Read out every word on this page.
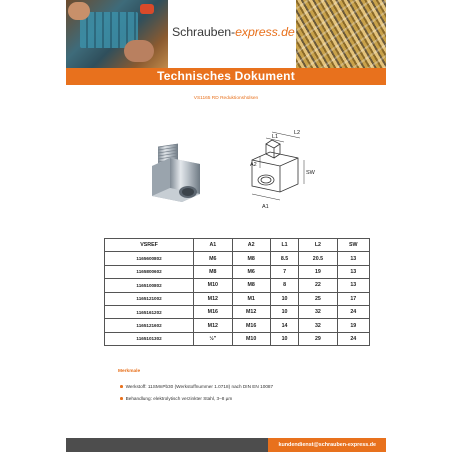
Schrauben-express.de
Technisches Dokument
VS1165 RD Reduktionshülsen
A2
L1
L2
SW
A1
VSREF	A1	A2	L1	L2	SW
1165600802	M6	M8	8.5	20.5	13
1165800602	M8	M6	7	19	13
1165100802	M10	M8	8	22	13
1165121002	M12	M1	10	25	17
1165161202	M16	M12	10	32	24
1165121602	M12	M16	14	32	19
1165101302	½"	M10	10	29	24
Merkmale
Werkstoff: 11SMnPb30 (Werkstoffnummer 1.0718) nach DIN EN 10087
Behandlung: elektrolytisch verzinkter Stahl, 3–8 µm
kundendienst@schrauben-express.de
